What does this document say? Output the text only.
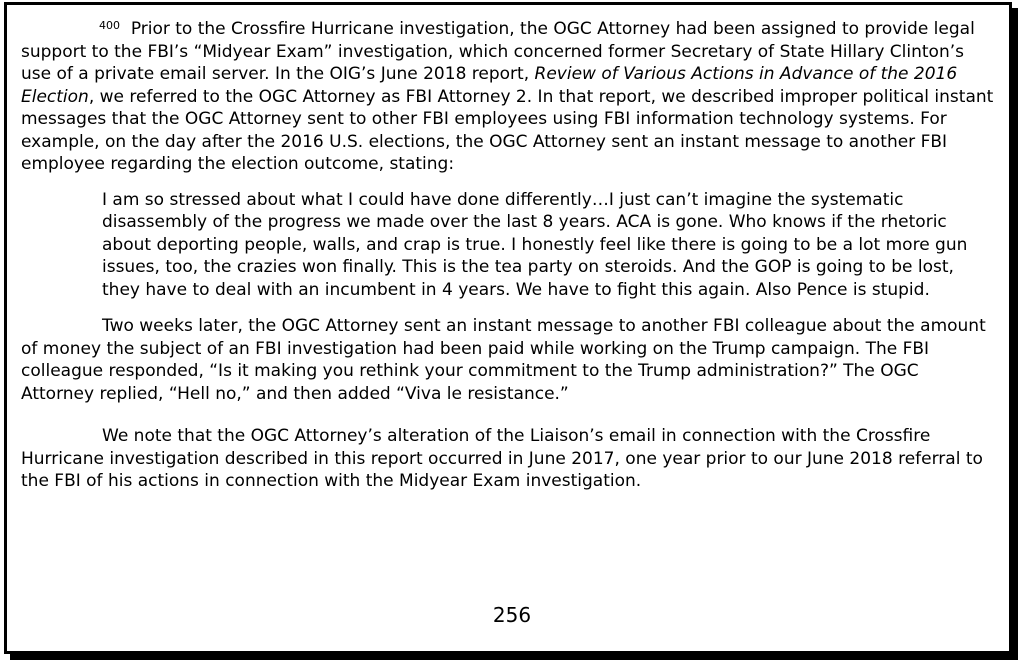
$^{400}$ Prior to the Crossfire Hurricane investigation, the OGC Attorney had been assigned to provide legal support to the FBI’s “Midyear Exam” investigation, which concerned former Secretary of State Hillary Clinton’s use of a private email server. In the OIG’s June 2018 report, Review of Various Actions in Advance of the 2016 Election, we referred to the OGC Attorney as FBI Attorney 2. In that report, we described improper political instant messages that the OGC Attorney sent to other FBI employees using FBI information technology systems. For example, on the day after the 2016 U.S. elections, the OGC Attorney sent an instant message to another FBI employee regarding the election outcome, stating:

I am so stressed about what I could have done differently…I just can’t imagine the systematic disassembly of the progress we made over the last 8 years. ACA is gone. Who knows if the rhetoric about deporting people, walls, and crap is true. I honestly feel like there is going to be a lot more gun issues, too, the crazies won finally. This is the tea party on steroids. And the GOP is going to be lost, they have to deal with an incumbent in 4 years. We have to fight this again. Also Pence is stupid.

Two weeks later, the OGC Attorney sent an instant message to another FBI colleague about the amount of money the subject of an FBI investigation had been paid while working on the Trump campaign. The FBI colleague responded, “Is it making you rethink your commitment to the Trump administration?” The OGC Attorney replied, “Hell no,” and then added “Viva le resistance.”

We note that the OGC Attorney’s alteration of the Liaison’s email in connection with the Crossfire Hurricane investigation described in this report occurred in June 2017, one year prior to our June 2018 referral to the FBI of his actions in connection with the Midyear Exam investigation.

256
